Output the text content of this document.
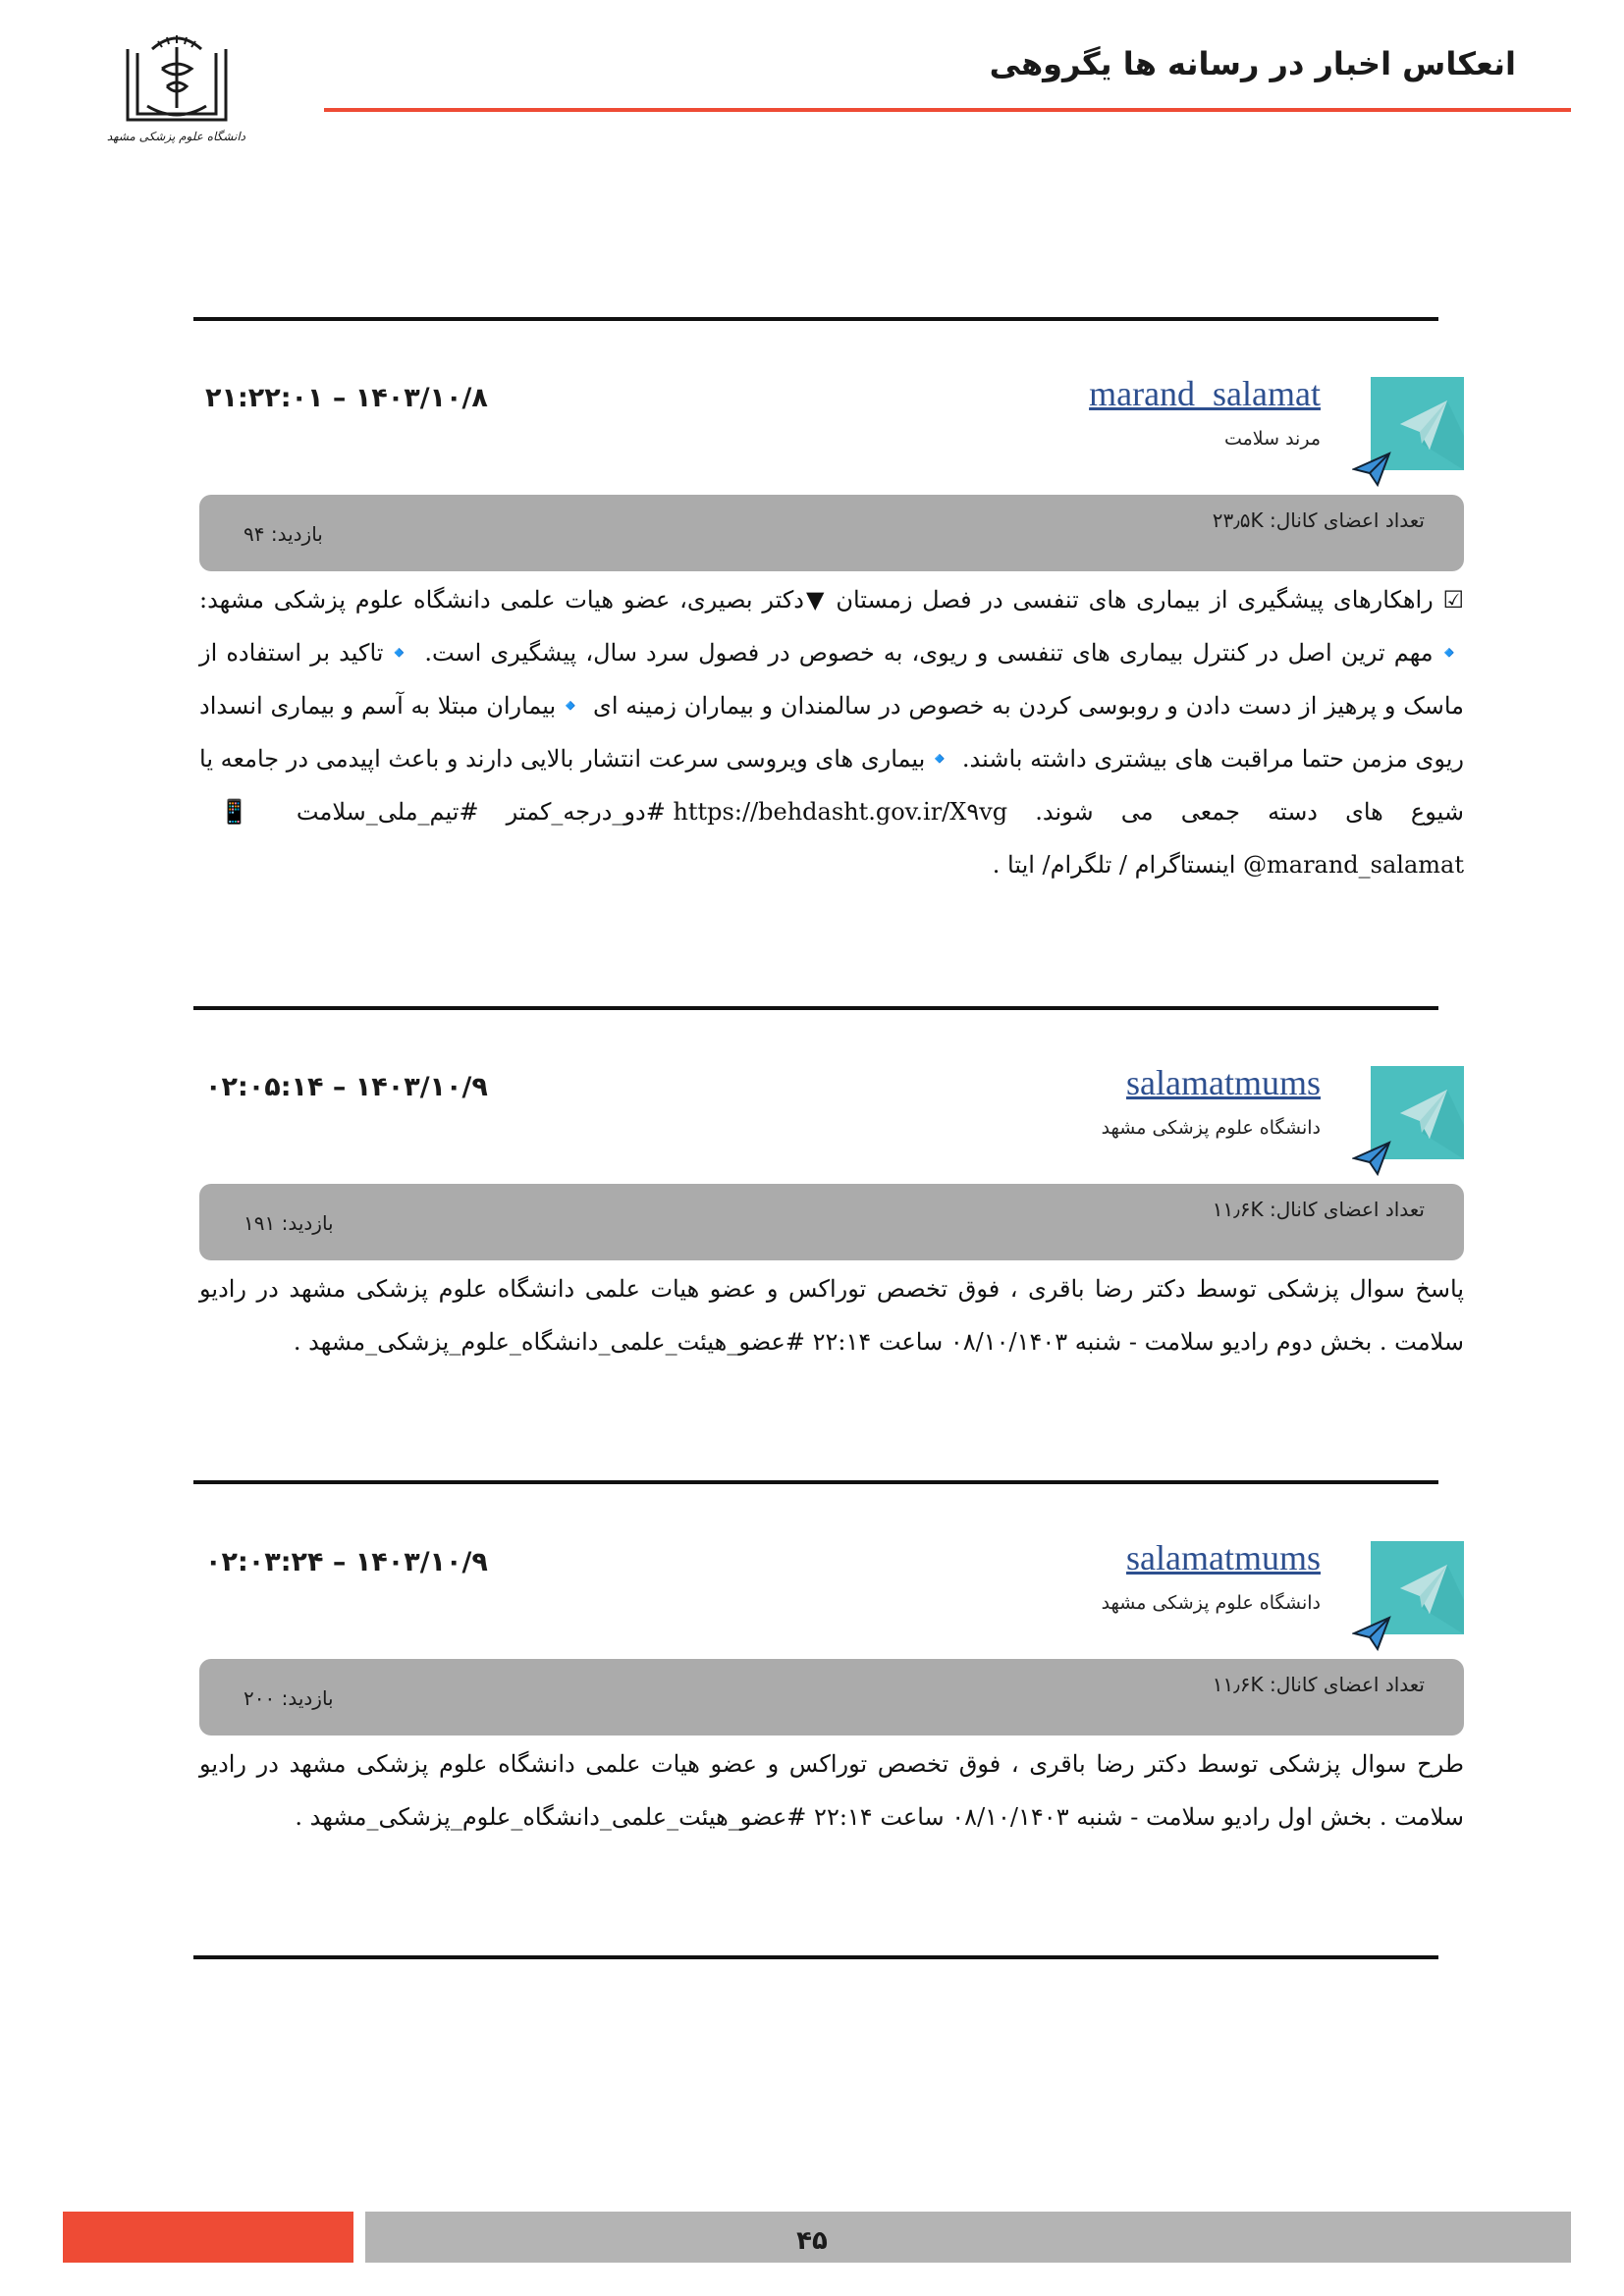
دانشگاه علوم پزشکی مشهد
انعکاس اخبار در رسانه ها یگروهی
marand_salamat
مرند سلامت
۲۱:۲۲:۰۱ – ۱۴۰۳/۱۰/۸
تعداد اعضای کانال: ۲۳٫۵K
بازدید: ۹۴
☑ راهکارهای پیشگیری از بیماری های تنفسی در فصل زمستان ▼دکتر بصیری، عضو هیات علمی دانشگاه علوم پزشکی مشهد: 🔹مهم ترین اصل در کنترل بیماری های تنفسی و ریوی، به خصوص در فصول سرد سال، پیشگیری است. 🔹تاکید بر استفاده از ماسک و پرهیز از دست دادن و روبوسی کردن به خصوص در سالمندان و بیماران زمینه ای 🔹بیماران مبتلا به آسم و بیماری انسداد ریوی مزمن حتما مراقبت های بیشتری داشته باشند. 🔹بیماری های ویروسی سرعت انتشار بالایی دارند و باعث اپیدمی در جامعه یا شیوع های دسته جمعی می شوند. https://behdasht.gov.ir/X۹vg #دو_درجه_کمتر #تیم_ملی_سلامت 📱 marand_salamat@ اینستاگرام / تلگرام/ ایتا .
salamatmums
دانشگاه علوم پزشکی مشهد
۰۲:۰۵:۱۴ – ۱۴۰۳/۱۰/۹
تعداد اعضای کانال: ۱۱٫۶K
بازدید: ۱۹۱
پاسخ سوال پزشکی توسط دکتر رضا باقری ، فوق تخصص توراکس و عضو هیات علمی دانشگاه علوم پزشکی مشهد در رادیو سلامت . بخش دوم رادیو سلامت - شنبه ۰۸/۱۰/۱۴۰۳ ساعت ۲۲:۱۴ #عضو_هیئت_علمی_دانشگاه_علوم_پزشکی_مشهد .
salamatmums
دانشگاه علوم پزشکی مشهد
۰۲:۰۳:۲۴ – ۱۴۰۳/۱۰/۹
تعداد اعضای کانال: ۱۱٫۶K
بازدید: ۲۰۰
طرح سوال پزشکی توسط دکتر رضا باقری ، فوق تخصص توراکس و عضو هیات علمی دانشگاه علوم پزشکی مشهد در رادیو سلامت . بخش اول رادیو سلامت - شنبه ۰۸/۱۰/۱۴۰۳ ساعت ۲۲:۱۴ #عضو_هیئت_علمی_دانشگاه_علوم_پزشکی_مشهد .
۴۵
